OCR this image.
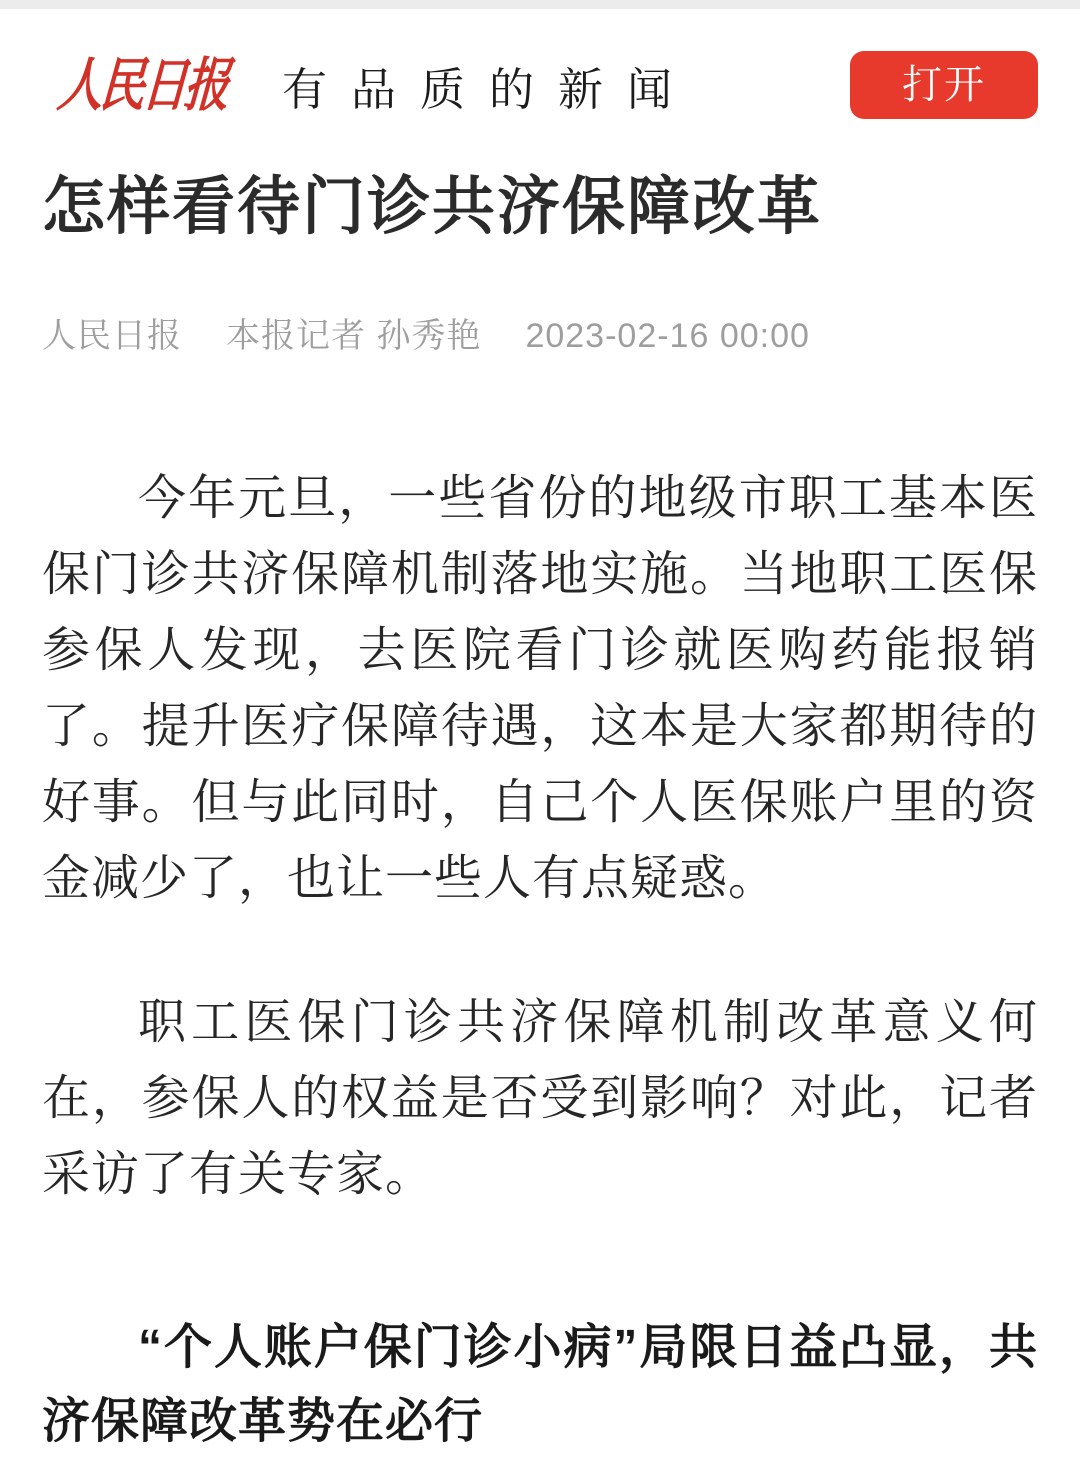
人民日报 有品质的新闻	打开
怎样看待门诊共济保障改革
人民日报 本报记者 孙秀艳 2023-02-16 00:00

今年元旦，一些省份的地级市职工基本医保门诊共济保障机制落地实施。当地职工医保参保人发现，去医院看门诊就医购药能报销了。提升医疗保障待遇，这本是大家都期待的好事。但与此同时，自己个人医保账户里的资金减少了，也让一些人有点疑惑。

职工医保门诊共济保障机制改革意义何在，参保人的权益是否受到影响？对此，记者采访了有关专家。

“个人账户保门诊小病”局限日益凸显，共济保障改革势在必行
